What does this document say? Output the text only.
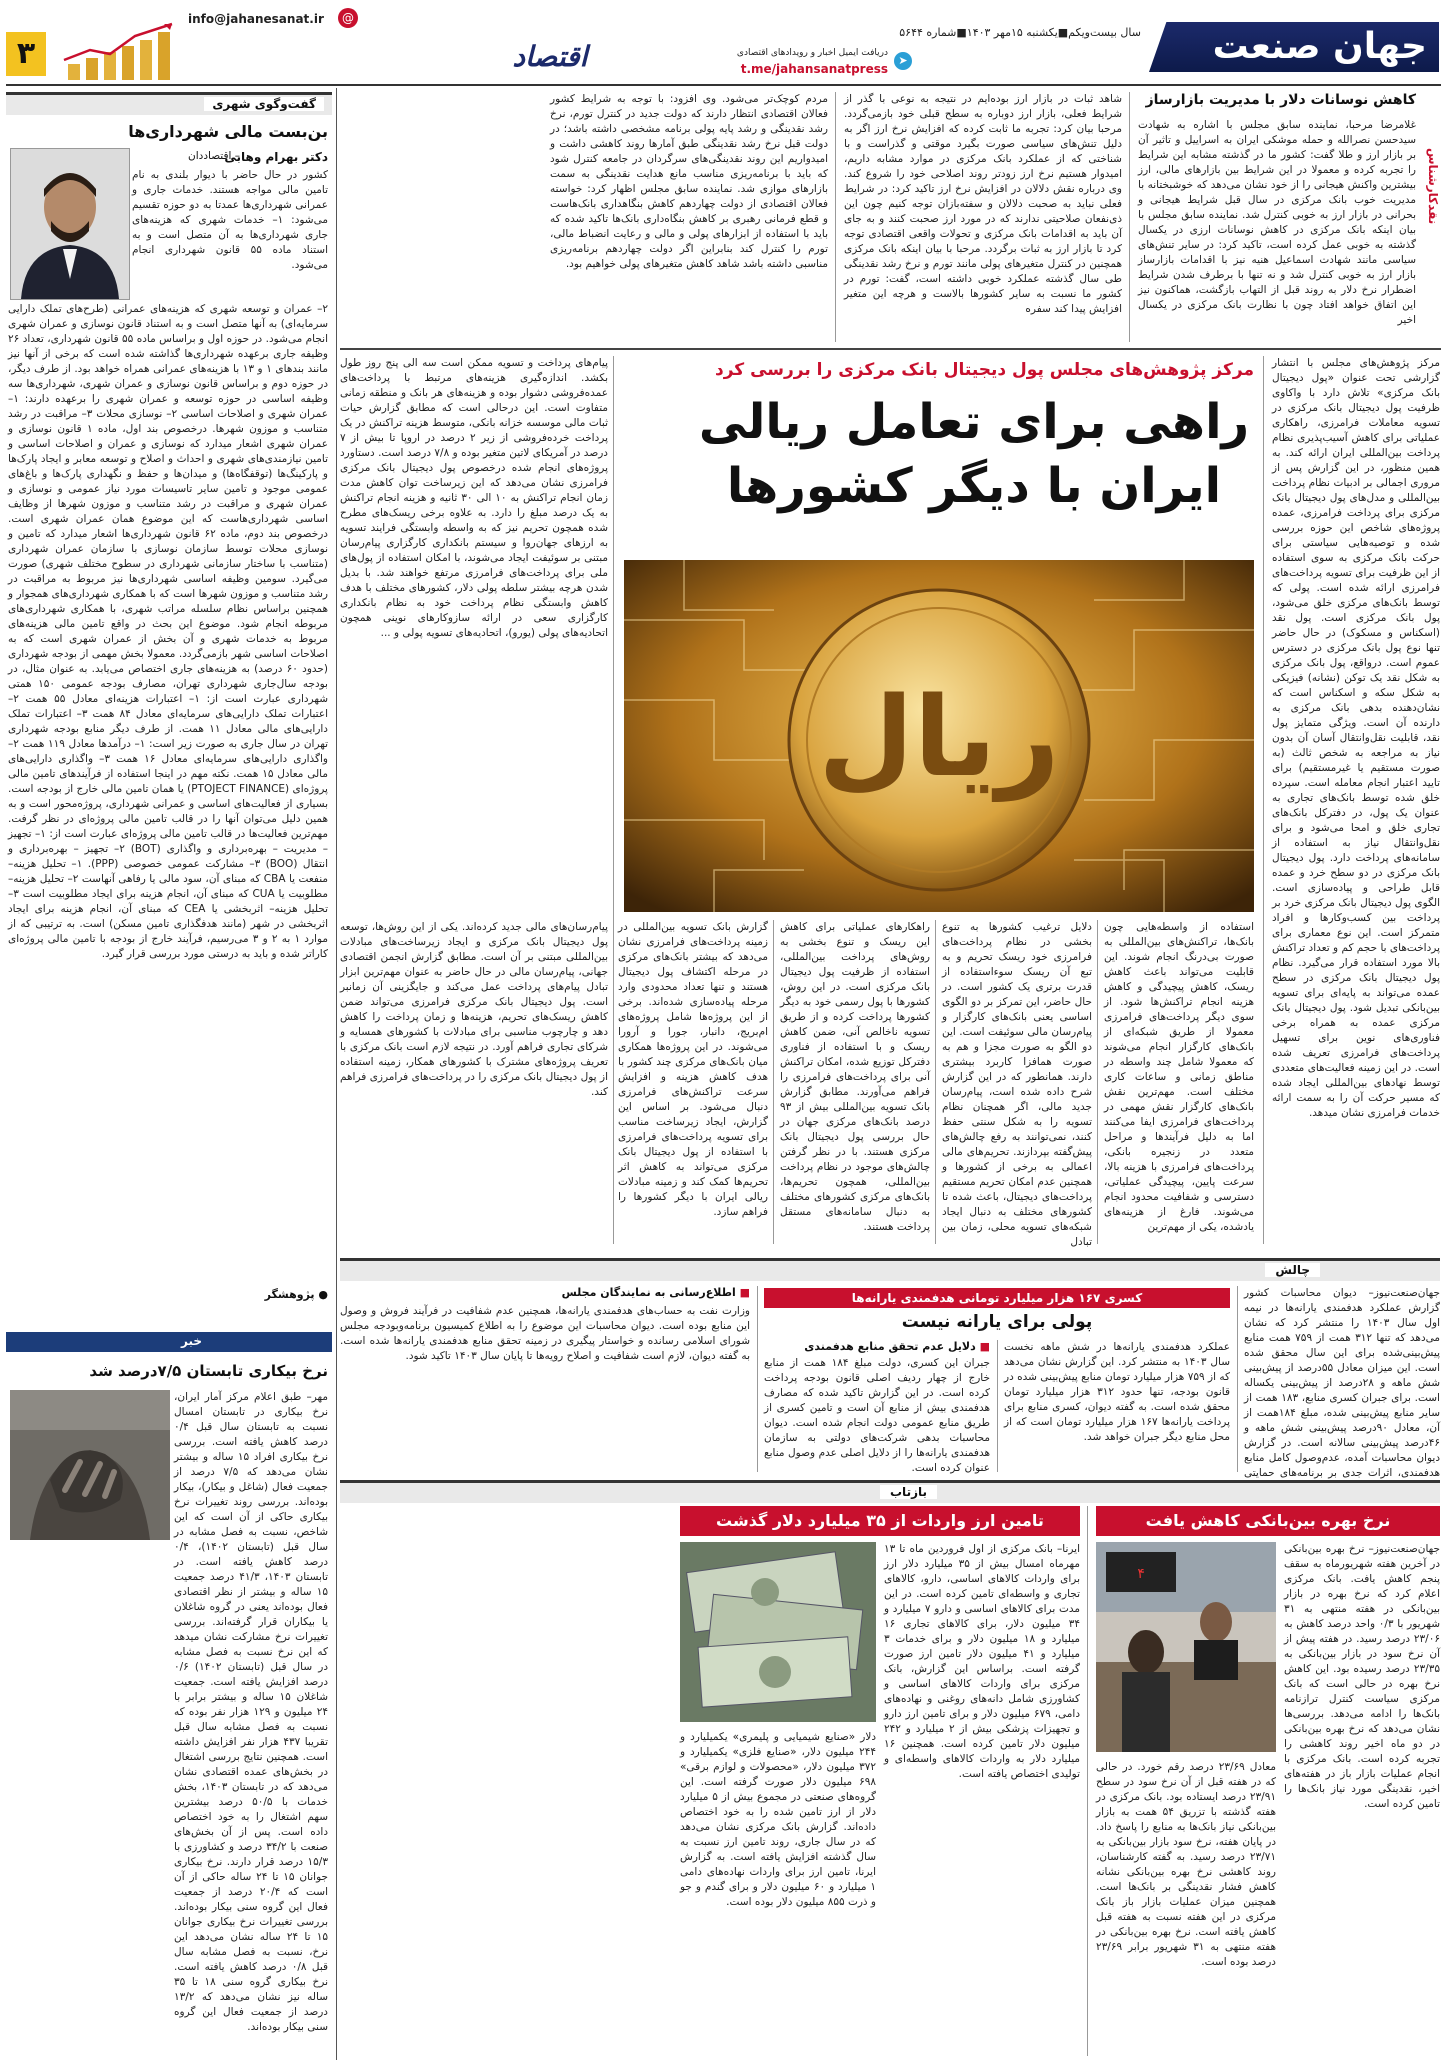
جهان صنعت
سال بیست‌ویکم■یکشنبه ۱۵مهر ۱۴۰۳■شماره ۵۶۴۴
دریافت ایمیل اخبار و رویدادهای اقتصادی
t.me/jahansanatpress
➤
اقتصاد
@
info@jahanesanat.ir
۳
نقدکارشناس
کاهش نوسانات دلار با مدیریت بازارساز
غلامرضا مرحبا، نماینده سابق مجلس با اشاره به شهادت سیدحسن نصرالله و حمله موشکی ایران به اسراییل و تاثیر آن بر بازار ارز و طلا گفت: کشور ما در گذشته مشابه این شرایط را تجربه کرده و معمولا در این شرایط بین بازارهای مالی، ارز بیشترین واکنش هیجانی را از خود نشان می‌دهد که خوشبختانه با مدیریت خوب بانک مرکزی در سال قبل شرایط هیجانی و بحرانی در بازار ارز به خوبی کنترل شد. نماینده سابق مجلس با بیان اینکه بانک مرکزی در کاهش نوسانات ارزی در یکسال گذشته به خوبی عمل کرده است، تاکید کرد: در سایر تنش‌های سیاسی مانند شهادت اسماعیل هنیه نیز با اقدامات بازارساز بازار ارز به خوبی کنترل شد و نه تنها با برطرف شدن شرایط اضطرار نرخ دلار به روند قبل از التهاب بازگشت، هماکنون نیز این اتفاق خواهد افتاد چون با نظارت بانک مرکزی در یکسال اخیر
شاهد ثبات در بازار ارز بوده‌ایم در نتیجه به نوعی با گذر از شرایط فعلی، بازار ارز دوباره به سطح قبلی خود بازمی‌گردد. مرحبا بیان کرد: تجربه ما ثابت کرده که افزایش نرخ ارز اگر به دلیل تنش‌های سیاسی صورت بگیرد موقتی و گذراست و با شناختی که از عملکرد بانک مرکزی در موارد مشابه داریم، امیدوار هستیم نرخ ارز زودتر روند اصلاحی خود را شروع کند. وی درباره نقش دلالان در افزایش نرخ ارز تاکید کرد: در شرایط فعلی نباید به صحبت دلالان و سفته‌بازان توجه کنیم چون این ذی‌نفعان صلاحیتی ندارند که در مورد ارز صحبت کنند و به جای آن باید به اقدامات بانک مرکزی و تحولات واقعی اقتصادی توجه کرد تا بازار ارز به ثبات برگردد. مرحبا با بیان اینکه بانک مرکزی همچنین در کنترل متغیرهای پولی مانند تورم و نرخ رشد نقدینگی طی سال گذشته عملکرد خوبی داشته است، گفت: تورم در کشور ما نسبت به سایر کشورها بالاست و هرچه این متغیر افزایش پیدا کند سفره
مردم کوچک‌تر می‌شود. وی افزود: با توجه به شرایط کشور فعالان اقتصادی انتظار دارند که دولت جدید در کنترل تورم، نرخ رشد نقدینگی و رشد پایه پولی برنامه مشخصی داشته باشد؛ در دولت قبل نرخ رشد نقدینگی طبق آمارها روند کاهشی داشت و امیدواریم این روند نقدینگی‌های سرگردان در جامعه کنترل شود که باید با برنامه‌ریزی مناسب مانع هدایت نقدینگی به سمت بازارهای موازی شد. نماینده سابق مجلس اظهار کرد: خواسته فعالان اقتصادی از دولت چهاردهم کاهش بنگاهداری بانک‌هاست و قطع فرمانی رهبری بر کاهش بنگاه‌داری بانک‌ها تاکید شده که باید با استفاده از ابزارهای پولی و مالی و رعایت انضباط مالی، تورم را کنترل کند بنابراین اگر دولت چهاردهم برنامه‌ریزی مناسبی داشته باشد شاهد کاهش متغیرهای پولی خواهیم بود.
گفت‌وگوی شهری
بن‌بست مالی شهرداری‌ها
دکتر بهرام وهابی
– اقتصاددان
کشور در حال حاضر با دیوار بلندی به نام تامین مالی مواجه هستند. خدمات جاری و عمرانی شهرداری‌ها عمدتا به دو حوزه تقسیم می‌شود: ۱– خدمات شهری که هزینه‌های جاری شهرداری‌ها به آن متصل است و به استناد ماده ۵۵ قانون شهرداری انجام می‌شود.
۲– عمران و توسعه شهری که هزینه‌های عمرانی (طرح‌های تملک دارایی سرمایه‌ای) به آنها متصل است و به استناد قانون نوسازی و عمران شهری انجام می‌شود. در حوزه اول و براساس ماده ۵۵ قانون شهرداری، تعداد ۲۶ وظیفه جاری برعهده شهرداری‌ها گذاشته شده است که برخی از آنها نیز مانند بندهای ۱ و ۱۳ با هزینه‌های عمرانی همراه خواهد بود. از طرف دیگر، در حوزه دوم و براساس قانون نوسازی و عمران شهری، شهرداری‌ها سه وظیفه اساسی در حوزه توسعه و عمران شهری را برعهده دارند: ۱– عمران شهری و اصلاحات اساسی ۲– نوسازی محلات ۳– مراقبت در رشد متناسب و موزون شهرها. درخصوص بند اول، ماده ۱ قانون نوسازی و عمران شهری اشعار میدارد که نوسازی و عمران و اصلاحات اساسی و تامین نیازمندی‌های شهری و احداث و اصلاح و توسعه معابر و ایجاد پارک‌ها و پارکینگ‌ها (توقفگاه‌ها) و میدان‌ها و حفظ و نگهداری پارک‌ها و باغ‌های عمومی موجود و تامین سایر تاسیسات مورد نیاز عمومی و نوسازی و عمران شهری و مراقبت در رشد متناسب و موزون شهرها از وظایف اساسی شهرداری‌هاست که این موضوع همان عمران شهری است. درخصوص بند دوم، ماده ۶۲ قانون شهرداری‌ها اشعار میدارد که تامین و نوسازی محلات توسط سازمان نوسازی با سازمان عمران شهرداری (متناسب با ساختار سازمانی شهرداری در سطوح مختلف شهری) صورت می‌گیرد. سومین وظیفه اساسی شهرداری‌ها نیز مربوط به مراقبت در رشد متناسب و موزون شهرها است که با همکاری شهرداری‌های همجوار و همچنین براساس نظام سلسله مراتب شهری، با همکاری شهرداری‌های مربوطه انجام شود. موضوع این بحث در واقع تامین مالی هزینه‌های مربوط به خدمات شهری و آن بخش از عمران شهری است که به اصلاحات اساسی شهر بازمی‌گردد. معمولا بخش مهمی از بودجه شهرداری (حدود ۶۰ درصد) به هزینه‌های جاری اختصاص می‌یابد. به عنوان مثال، در بودجه سال‌جاری شهرداری تهران، مصارف بودجه عمومی ۱۵۰ همتی شهرداری عبارت است از: ۱– اعتبارات هزینه‌ای معادل ۵۵ همت ۲– اعتبارات تملک دارایی‌های سرمایه‌ای معادل ۸۴ همت ۳– اعتبارات تملک دارایی‌های مالی معادل ۱۱ همت. از طرف دیگر منابع بودجه شهرداری تهران در سال جاری به صورت زیر است: ۱– درآمدها معادل ۱۱۹ همت ۲– واگذاری دارایی‌های سرمایه‌ای معادل ۱۶ همت ۳– واگذاری دارایی‌های مالی معادل ۱۵ همت. نکته مهم در اینجا استفاده از فرآیندهای تامین مالی پروژه‌ای (PTOJECT FINANCE) یا همان تامین مالی خارج از بودجه است. بسیاری از فعالیت‌های اساسی و عمرانی شهرداری، پروژه‌محور است و به همین دلیل می‌توان آنها را در قالب تامین مالی پروژه‌ای در نظر گرفت. مهم‌ترین فعالیت‌ها در قالب تامین مالی پروژه‌ای عبارت است از: ۱– تجهیز – مدیریت – بهره‌برداری و واگذاری (BOT) ۲– تجهیز – بهره‌برداری و انتقال (BOO) ۳– مشارکت عمومی خصوصی (PPP). ۱– تحلیل هزینه– منفعت یا CBA که مبنای آن، سود مالی یا رفاهی آنهاست ۲– تحلیل هزینه– مطلوبیت یا CUA که مبنای آن، انجام هزینه برای ایجاد مطلوبیت است ۳– تحلیل هزینه– اثربخشی یا CEA که مبنای آن، انجام هزینه برای ایجاد اثربخشی در شهر (مانند هدفگذاری تامین مسکن) است. به ترتیبی که از موارد ۱ به ۲ و ۳ می‌رسیم، فرآیند خارج از بودجه با تامین مالی پروژه‌ای کاراتر شده و باید به درستی مورد بررسی قرار گیرد.
● پژوهشگر
خبر
نرخ بیکاری تابستان ۷/۵درصد شد
مهر– طبق اعلام مرکز آمار ایران، نرخ بیکاری در تابستان امسال نسبت به تابستان سال قبل ۰/۴ درصد کاهش یافته است. بررسی نرخ بیکاری افراد ۱۵ ساله و بیشتر نشان می‌دهد که ۷/۵ درصد از جمعیت فعال (شاغل و بیکار)، بیکار بوده‌اند. بررسی روند تغییرات نرخ بیکاری حاکی از آن است که این شاخص، نسبت به فصل مشابه در سال قبل (تابستان ۱۴۰۲)، ۰/۴ درصد کاهش یافته است. در تابستان ۱۴۰۳، ۴۱/۳ درصد جمعیت ۱۵ ساله و بیشتر از نظر اقتصادی فعال بوده‌اند یعنی در گروه شاغلان یا بیکاران قرار گرفته‌اند. بررسی تغییرات نرخ مشارکت نشان میدهد که این نرخ نسبت به فصل مشابه در سال قبل (تابستان ۱۴۰۲) ۰/۶ درصد افزایش یافته است. جمعیت شاغلان ۱۵ ساله و بیشتر برابر با ۲۴ میلیون و ۱۲۹ هزار نفر بوده که نسبت به فصل مشابه سال قبل تقریبا ۴۳۷ هزار نفر افزایش داشته است. همچنین نتایج بررسی اشتغال در بخش‌های عمده اقتصادی نشان می‌دهد که در تابستان ۱۴۰۳، بخش خدمات با ۵۰/۵ درصد بیشترین سهم اشتغال را به خود اختصاص داده است. پس از آن بخش‌های صنعت با ۳۴/۲ درصد و کشاورزی با ۱۵/۳ درصد قرار دارند. نرخ بیکاری جوانان ۱۵ تا ۲۴ ساله حاکی از آن است که ۲۰/۴ درصد از جمعیت فعال این گروه سنی بیکار بوده‌اند. بررسی تغییرات نرخ بیکاری جوانان ۱۵ تا ۲۴ ساله نشان می‌دهد این نرخ، نسبت به فصل مشابه سال قبل ۰/۸ درصد کاهش یافته است. نرخ بیکاری گروه سنی ۱۸ تا ۳۵ ساله نیز نشان می‌دهد که ۱۳/۲ درصد از جمعیت فعال این گروه سنی بیکار بوده‌اند.
مرکز پژوهش‌های مجلس با انتشار گزارشی تحت عنوان «پول دیجیتال بانک مرکزی» تلاش دارد با واکاوی ظرفیت پول دیجیتال بانک مرکزی در تسویه معاملات فرامرزی، راهکاری عملیاتی برای کاهش آسیب‌پذیری نظام پرداخت بین‌المللی ایران ارائه کند. به همین منظور، در این گزارش پس از مروری اجمالی بر ادبیات نظام پرداخت بین‌المللی و مدل‌های پول دیجیتال بانک مرکزی برای پرداخت فرامرزی، عمده پروژه‌های شاخص این حوزه بررسی شده و توصیه‌هایی سیاستی برای حرکت بانک مرکزی به سوی استفاده از این ظرفیت برای تسویه پرداخت‌های فرامرزی ارائه شده است. پولی که توسط بانک‌های مرکزی خلق می‌شود، پول بانک مرکزی است. پول نقد (اسکناس و مسکوک) در حال حاضر تنها نوع پول بانک مرکزی در دسترس عموم است. درواقع، پول بانک مرکزی به شکل نقد یک توکن (نشانه) فیزیکی به شکل سکه و اسکناس است که نشان‌دهنده بدهی بانک مرکزی به دارنده آن است. ویژگی متمایز پول نقد، قابلیت نقل‌وانتقال آسان آن بدون نیاز به مراجعه به شخص ثالث (به صورت مستقیم یا غیرمستقیم) برای تایید اعتبار انجام معامله است. سپرده خلق شده توسط بانک‌های تجاری به عنوان یک پول، در دفترکل بانک‌های تجاری خلق و امحا می‌شود و برای نقل‌وانتقال نیاز به استفاده از سامانه‌های پرداخت دارد. پول دیجیتال بانک مرکزی در دو سطح خرد و عمده قابل طراحی و پیاده‌سازی است. الگوی پول دیجیتال بانک مرکزی خرد بر پرداخت بین کسب‌وکارها و افراد متمرکز است. این نوع معماری برای پرداخت‌های با حجم کم و تعداد تراکنش بالا مورد استفاده قرار می‌گیرد. نظام پول دیجیتال بانک مرکزی در سطح عمده می‌تواند به پایه‌ای برای تسویه بین‌بانکی تبدیل شود. پول دیجیتال بانک مرکزی عمده به همراه برخی فناوری‌های نوین برای تسهیل پرداخت‌های فرامرزی تعریف شده است. در این زمینه فعالیت‌های متعددی توسط نهادهای بین‌المللی ایجاد شده که مسیر حرکت آن را به سمت ارائه خدمات فرامرزی نشان میدهد.
مرکز پژوهش‌های مجلس پول دیجیتال بانک مرکزی را بررسی کرد
راهی برای تعامل ریالی
ایران با دیگر کشورها
ریال
استفاده از واسطه‌هایی چون بانک‌ها، تراکنش‌های بین‌المللی به صورت بی‌درنگ انجام شوند. این قابلیت می‌تواند باعث کاهش ریسک، کاهش پیچیدگی و کاهش هزینه انجام تراکنش‌ها شود. از سوی دیگر پرداخت‌های فرامرزی معمولا از طریق شبکه‌ای از بانک‌های کارگزار انجام می‌شوند که معمولا شامل چند واسطه در مناطق زمانی و ساعات کاری مختلف است. مهم‌ترین نقش بانک‌های کارگزار نقش مهمی در پرداخت‌های فرامرزی ایفا می‌کنند اما به دلیل فرآیندها و مراحل متعدد در زنجیره بانکی، پرداخت‌های فرامرزی با هزینه بالا، سرعت پایین، پیچیدگی عملیاتی، دسترسی و شفافیت محدود انجام می‌شوند. فارغ از هزینه‌های یادشده، یکی از مهم‌ترین
دلایل ترغیب کشورها به تنوع بخشی در نظام پرداخت‌های فرامرزی خود ریسک تحریم و به تبع آن ریسک سوءاستفاده از قدرت برتری یک کشور است. در حال حاضر، این تمرکز بر دو الگوی اساسی یعنی بانک‌های کارگزار و پیام‌رسان مالی سوئیفت است. این دو الگو به صورت مجزا و هم به صورت همافزا کاربرد بیشتری دارند. همانطور که در این گزارش شرح داده شده است، پیام‌رسان جدید مالی، اگر همچنان نظام تسویه را به شکل سنتی حفظ کنند، نمی‌توانند به رفع چالش‌های پیش‌گفته بپردازند. تحریم‌های مالی اعمالی به برخی از کشورها و همچنین عدم امکان تحریم مستقیم پرداخت‌های دیجیتال، باعث شده تا کشورهای مختلف به دنبال ایجاد شبکه‌های تسویه محلی، زمان بین تبادل
راهکارهای عملیاتی برای کاهش این ریسک و تنوع بخشی به روش‌های پرداخت بین‌المللی، استفاده از ظرفیت پول دیجیتال بانک مرکزی است. در این روش، کشورها با پول رسمی خود به دیگر کشورها پرداخت کرده و از طریق تسویه ناخالص آنی، ضمن کاهش ریسک و با استفاده از فناوری دفترکل توزیع شده، امکان تراکنش آنی برای پرداخت‌های فرامرزی را فراهم می‌آورند. مطابق گزارش بانک تسویه بین‌المللی بیش از ۹۳ درصد بانک‌های مرکزی جهان در حال بررسی پول دیجیتال بانک مرکزی هستند. با در نظر گرفتن چالش‌های موجود در نظام پرداخت بین‌المللی، همچون تحریم‌ها، بانک‌های مرکزی کشورهای مختلف به دنبال سامانه‌های مستقل پرداخت هستند.
گزارش بانک تسویه بین‌المللی در زمینه پرداخت‌های فرامرزی نشان می‌دهد که بیشتر بانک‌های مرکزی در مرحله اکتشاف پول دیجیتال هستند و تنها تعداد محدودی وارد مرحله پیاده‌سازی شده‌اند. برخی از این پروژه‌ها شامل پروژه‌های ام‌بریج، دانبار، جورا و آرورا می‌شوند. در این پروژه‌ها همکاری میان بانک‌های مرکزی چند کشور با هدف کاهش هزینه و افزایش سرعت تراکنش‌های فرامرزی دنبال می‌شود. بر اساس این گزارش، ایجاد زیرساخت مناسب برای تسویه پرداخت‌های فرامرزی با استفاده از پول دیجیتال بانک مرکزی می‌تواند به کاهش اثر تحریم‌ها کمک کند و زمینه مبادلات ریالی ایران با دیگر کشورها را فراهم سازد.
پیام‌های پرداخت و تسویه ممکن است سه الی پنج روز طول بکشد. اندازه‌گیری هزینه‌های مرتبط با پرداخت‌های عمده‌فروشی دشوار بوده و هزینه‌های هر بانک و منطقه زمانی متفاوت است. این درحالی است که مطابق گزارش حیات ثبات مالی موسسه خزانه بانکی، متوسط هزینه تراکنش در یک پرداخت خرده‌فروشی از زیر ۲ درصد در اروپا تا بیش از ۷ درصد در آمریکای لاتین متغیر بوده و ۷/۸ درصد است. دستاورد پروژه‌های انجام شده درخصوص پول دیجیتال بانک مرکزی فرامرزی نشان می‌دهد که این زیرساخت توان کاهش مدت زمان انجام تراکنش به ۱۰ الی ۳۰ ثانیه و هزینه انجام تراکنش به یک درصد مبلغ را دارد. به علاوه برخی ریسک‌های مطرح شده همچون تحریم نیز که به واسطه وابستگی فرایند تسویه به ارزهای جهان‌روا و سیستم بانکداری کارگزاری پیام‌رسان مبتنی بر سوئیفت ایجاد می‌شوند، با امکان استفاده از پول‌های ملی برای پرداخت‌های فرامرزی مرتفع خواهند شد. با بدیل شدن هرچه بیشتر سلطه پولی دلار، کشورهای مختلف با هدف کاهش وابستگی نظام پرداخت خود به نظام بانکداری کارگزاری سعی در ارائه سازوکارهای نوینی همچون اتحادیه‌های پولی (یورو)، اتحادیه‌های تسویه پولی و ...
پیام‌رسان‌های مالی جدید کرده‌اند. یکی از این روش‌ها، توسعه پول دیجیتال بانک مرکزی و ایجاد زیرساخت‌های مبادلات بین‌المللی مبتنی بر آن است. مطابق گزارش انجمن اقتصادی جهانی، پیام‌رسان مالی در حال حاضر به عنوان مهم‌ترین ابزار تبادل پیام‌های پرداخت عمل می‌کند و جایگزینی آن زمانبر است. پول دیجیتال بانک مرکزی فرامرزی می‌تواند ضمن کاهش ریسک‌های تحریم، هزینه‌ها و زمان پرداخت را کاهش دهد و چارچوب مناسبی برای مبادلات با کشورهای همسایه و شرکای تجاری فراهم آورد. در نتیجه لازم است بانک مرکزی با تعریف پروژه‌های مشترک با کشورهای همکار، زمینه استفاده از پول دیجیتال بانک مرکزی را در پرداخت‌های فرامرزی فراهم کند.
چالش
جهان‌صنعت‌نیوز– دیوان محاسبات کشور گزارش عملکرد هدفمندی یارانه‌ها در نیمه اول سال ۱۴۰۳ را منتشر کرد که نشان می‌دهد که تنها ۳۱۲ همت از ۷۵۹ همت منابع پیش‌بینی‌شده برای این سال محقق شده است. این میزان معادل ۵۵درصد از پیش‌بینی شش ماهه و ۲۸درصد از پیش‌بینی یکساله است. برای جبران کسری منابع، ۱۸۳ همت از سایر منابع پیش‌بینی شده، مبلغ ۱۸۴همت از آن، معادل ۹۰درصد پیش‌بینی شش ماهه و ۴۶درصد پیش‌بینی سالانه است. در گزارش دیوان محاسبات آمده، عدم‌وصول کامل منابع هدفمندی، اثرات جدی بر برنامه‌های حمایتی
کسری ۱۶۷ هزار میلیارد تومانی هدفمندی یارانه‌ها
پولی برای یارانه نیست
عملکرد هدفمندی یارانه‌ها در شش ماهه نخست سال ۱۴۰۳ به منتشر کرد. این گزارش نشان می‌دهد که از ۷۵۹ هزار میلیارد تومان منابع پیش‌بینی شده در قانون بودجه، تنها حدود ۳۱۲ هزار میلیارد تومان محقق شده است. به گفته دیوان، کسری منابع برای پرداخت یارانه‌ها ۱۶۷ هزار میلیارد تومان است که از محل منابع دیگر جبران خواهد شد.
■ دلایل عدم تحقق منابع هدفمندی
جبران این کسری، دولت مبلغ ۱۸۴ همت از منابع خارج از چهار ردیف اصلی قانون بودجه پرداخت کرده است. در این گزارش تاکید شده که مصارف هدفمندی بیش از منابع آن است و تامین کسری از طریق منابع عمومی دولت انجام شده است. دیوان محاسبات بدهی شرکت‌های دولتی به سازمان هدفمندی یارانه‌ها را از دلایل اصلی عدم وصول منابع عنوان کرده است.
■ اطلاع‌رسانی به نمایندگان مجلس
وزارت نفت به حساب‌های هدفمندی یارانه‌ها، همچنین عدم شفافیت در فرآیند فروش و وصول این منابع بوده است. دیوان محاسبات این موضوع را به اطلاع کمیسیون برنامه‌وبودجه مجلس شورای اسلامی رسانده و خواستار پیگیری در زمینه تحقق منابع هدفمندی یارانه‌ها شده است. به گفته دیوان، لازم است شفافیت و اصلاح رویه‌ها تا پایان سال ۱۴۰۳ تاکید شود.
بازتاب
نرخ بهره بین‌بانکی کاهش یافت
جهان‌صنعت‌نیوز– نرخ بهره بین‌بانکی در آخرین هفته شهریورماه به سقف پنجم کاهش یافت. بانک مرکزی اعلام کرد که نرخ بهره در بازار بین‌بانکی در هفته منتهی به ۳۱ شهریور با ۰/۳ واحد درصد کاهش به ۲۳/۰۶ درصد رسید. در هفته پیش از آن نرخ سود در بازار بین‌بانکی به ۲۳/۳۵ درصد رسیده بود. این کاهش نرخ بهره در حالی است که بانک مرکزی سیاست کنترل ترازنامه بانک‌ها را ادامه می‌دهد. بررسی‌ها نشان می‌دهد که نرخ بهره بین‌بانکی در دو ماه اخیر روند کاهشی را تجربه کرده است. بانک مرکزی با انجام عملیات بازار باز در هفته‌های اخیر، نقدینگی مورد نیاز بانک‌ها را تامین کرده است.
۴
معادل ۲۳/۶۹ درصد رقم خورد. در حالی که در هفته قبل از آن نرخ سود در سطح ۲۳/۹۱ درصد ایستاده بود. بانک مرکزی در هفته گذشته با تزریق ۵۴ همت به بازار بین‌بانکی نیاز بانک‌ها به منابع را پاسخ داد. در پایان هفته، نرخ سود بازار بین‌بانکی به ۲۳/۷۱ درصد رسید. به گفته کارشناسان، روند کاهشی نرخ بهره بین‌بانکی نشانه کاهش فشار نقدینگی بر بانک‌ها است. همچنین میزان عملیات بازار باز بانک مرکزی در این هفته نسبت به هفته قبل کاهش یافته است. نرخ بهره بین‌بانکی در هفته منتهی به ۳۱ شهریور برابر ۲۳/۶۹ درصد بوده است.
تامین ارز واردات از ۳۵ میلیارد دلار گذشت
ایرنا– بانک مرکزی از اول فروردین ماه تا ۱۳ مهرماه امسال بیش از ۳۵ میلیارد دلار ارز برای واردات کالاهای اساسی، دارو، کالاهای تجاری و واسطه‌ای تامین کرده است. در این مدت برای کالاهای اساسی و دارو ۷ میلیارد و ۳۴ میلیون دلار، برای کالاهای تجاری ۱۶ میلیارد و ۱۸ میلیون دلار و برای خدمات ۳ میلیارد و ۴۱ میلیون دلار تامین ارز صورت گرفته است. براساس این گزارش، بانک مرکزی برای واردات کالاهای اساسی و کشاورزی شامل دانه‌های روغنی و نهاده‌های دامی، ۶۷۹ میلیون دلار و برای تامین ارز دارو و تجهیزات پزشکی بیش از ۲ میلیارد و ۲۴۲ میلیون دلار تامین کرده است. همچنین ۱۶ میلیارد دلار به واردات کالاهای واسطه‌ای و تولیدی اختصاص یافته است.
دلار «صنایع شیمیایی و پلیمری» یکمیلیارد و ۲۴۴ میلیون دلار، «صنایع فلزی» یکمیلیارد و ۳۷۲ میلیون دلار، «محصولات و لوازم برقی» ۶۹۸ میلیون دلار صورت گرفته است. این گروه‌های صنعتی در مجموع بیش از ۵ میلیارد دلار از ارز تامین شده را به خود اختصاص داده‌اند. گزارش بانک مرکزی نشان می‌دهد که در سال جاری، روند تامین ارز نسبت به سال گذشته افزایش یافته است. به گزارش ایرنا، تامین ارز برای واردات نهاده‌های دامی ۱ میلیارد و ۶۰ میلیون دلار و برای گندم و جو و ذرت ۸۵۵ میلیون دلار بوده است.
